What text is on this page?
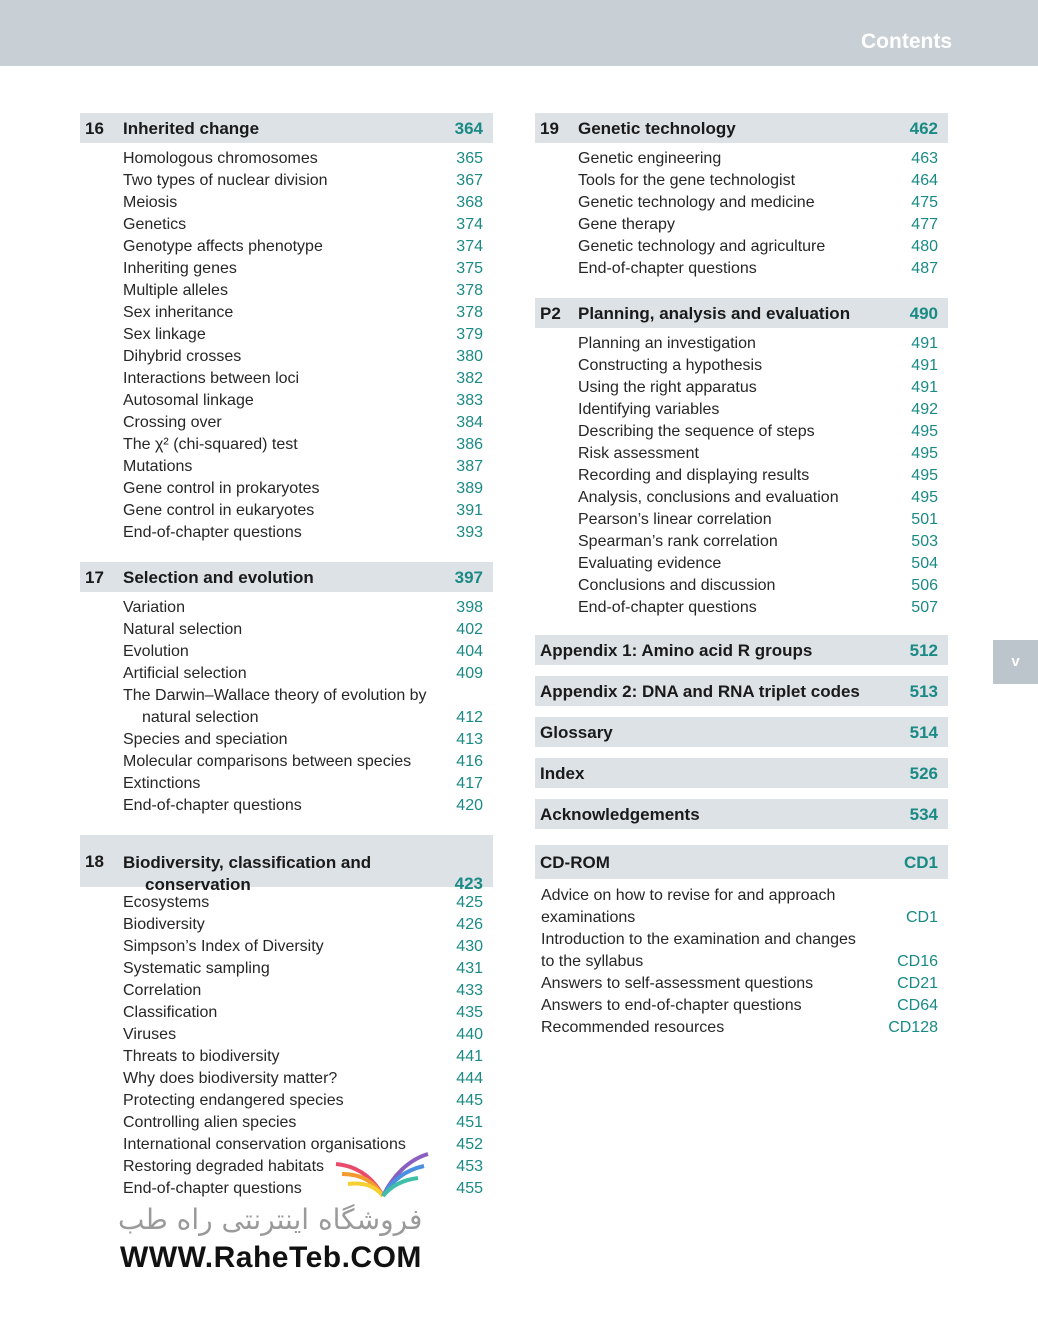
Contents
16 Inherited change	364
Homologous chromosomes	365
Two types of nuclear division	367
Meiosis	368
Genetics	374
Genotype affects phenotype	374
Inheriting genes	375
Multiple alleles	378
Sex inheritance	378
Sex linkage	379
Dihybrid crosses	380
Interactions between loci	382
Autosomal linkage	383
Crossing over	384
The χ² (chi-squared) test	386
Mutations	387
Gene control in prokaryotes	389
Gene control in eukaryotes	391
End-of-chapter questions	393
17 Selection and evolution	397
Variation	398
Natural selection	402
Evolution	404
Artificial selection	409
The Darwin–Wallace theory of evolution by
natural selection	412
Species and speciation	413
Molecular comparisons between species	416
Extinctions	417
End-of-chapter questions	420
18 Biodiversity, classification and
conservation	423
Ecosystems	425
Biodiversity	426
Simpson’s Index of Diversity	430
Systematic sampling	431
Correlation	433
Classification	435
Viruses	440
Threats to biodiversity	441
Why does biodiversity matter?	444
Protecting endangered species	445
Controlling alien species	451
International conservation organisations	452
Restoring degraded habitats	453
End-of-chapter questions	455
19 Genetic technology	462
Genetic engineering	463
Tools for the gene technologist	464
Genetic technology and medicine	475
Gene therapy	477
Genetic technology and agriculture	480
End-of-chapter questions	487
P2 Planning, analysis and evaluation	490
Planning an investigation	491
Constructing a hypothesis	491
Using the right apparatus	491
Identifying variables	492
Describing the sequence of steps	495
Risk assessment	495
Recording and displaying results	495
Analysis, conclusions and evaluation	495
Pearson’s linear correlation	501
Spearman’s rank correlation	503
Evaluating evidence	504
Conclusions and discussion	506
End-of-chapter questions	507
Appendix 1: Amino acid R groups	512
Appendix 2: DNA and RNA triplet codes	513
Glossary	514
Index	526
Acknowledgements	534
CD-ROM	CD1
Advice on how to revise for and approach
examinations	CD1
Introduction to the examination and changes
to the syllabus	CD16
Answers to self-assessment questions	CD21
Answers to end-of-chapter questions	CD64
Recommended resources	CD128
v
فروشگاه اینترنتی راه طب
WWW.RaheTeb.COM
